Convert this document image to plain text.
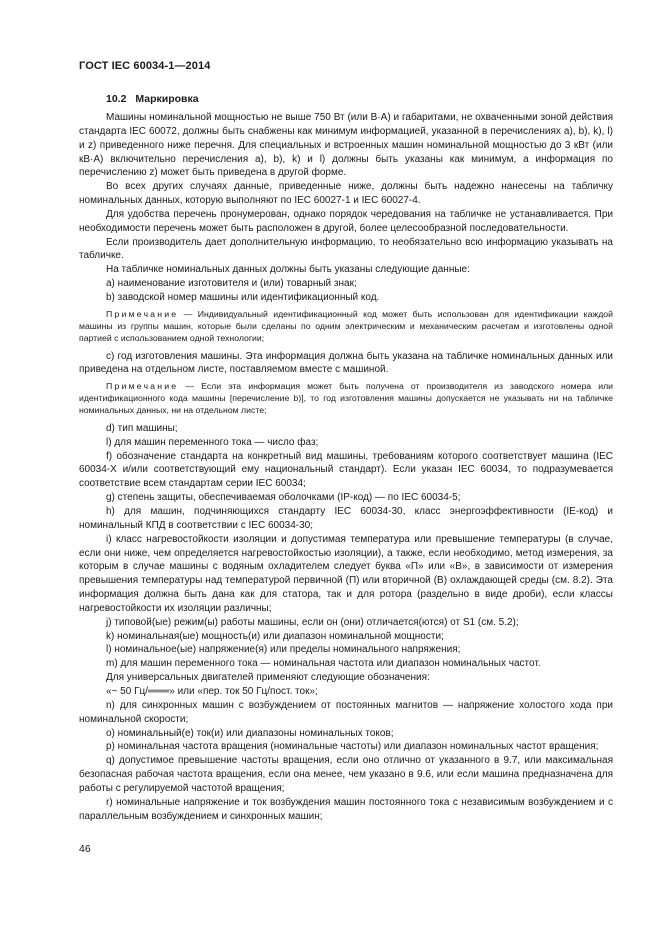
ГОСТ IEC 60034-1—2014
10.2 Маркировка

Машины номинальной мощностью не выше 750 Вт (или В·А) и габаритами, не охваченными зоной действия стандарта IEC 60072, должны быть снабжены как минимум информацией, указанной в перечислениях a), b), k), l) и z) приведенного ниже перечня. Для специальных и встроенных машин номинальной мощностью до 3 кВт (или кВ·А) включительно перечисления a), b), k) и l) должны быть указаны как минимум, а информация по перечислению z) может быть приведена в другой форме.

Во всех других случаях данные, приведенные ниже, должны быть надежно нанесены на табличку номинальных данных, которую выполняют по IEC 60027-1 и IEC 60027-4.

Для удобства перечень пронумерован, однако порядок чередования на табличке не устанавливается. При необходимости перечень может быть расположен в другой, более целесообразной последовательности.

Если производитель дает дополнительную информацию, то необязательно всю информацию указывать на табличке.

На табличке номинальных данных должны быть указаны следующие данные:

a) наименование изготовителя и (или) товарный знак;

b) заводской номер машины или идентификационный код.

Примечание — Индивидуальный идентификационный код может быть использован для идентификации каждой машины из группы машин, которые были сделаны по одним электрическим и механическим расчетам и изготовлены одной партией с использованием одной технологии;

c) год изготовления машины. Эта информация должна быть указана на табличке номинальных данных или приведена на отдельном листе, поставляемом вместе с машиной.

Примечание — Если эта информация может быть получена от производителя из заводского номера или идентификационного кода машины [перечисление b)], то год изготовления машины допускается не указывать ни на табличке номинальных данных, ни на отдельном листе;

d) тип машины;

l) для машин переменного тока — число фаз;

f) обозначение стандарта на конкретный вид машины, требованиям которого соответствует машина (IEC 60034-X и/или соответствующий ему национальный стандарт). Если указан IEC 60034, то подразумевается соответствие всем стандартам серии IEC 60034;

g) степень защиты, обеспечиваемая оболочками (IP-код) — по IEC 60034-5;

h) для машин, подчиняющихся стандарту IEC 60034-30, класс энергоэффективности (IE-код) и номинальный КПД в соответствии с IEC 60034-30;

i) класс нагревостойкости изоляции и допустимая температура или превышение температуры (в случае, если они ниже, чем определяется нагревостойкостью изоляции), а также, если необходимо, метод измерения, за которым в случае машины с водяным охладителем следует буква «П» или «В», в зависимости от измерения превышения температуры над температурой первичной (П) или вторичной (В) охлаждающей среды (см. 8.2). Эта информация должна быть дана как для статора, так и для ротора (раздельно в виде дроби), если классы нагревостойкости их изоляции различны;

j) типовой(ые) режим(ы) работы машины, если он (они) отличается(ются) от S1 (см. 5.2);

k) номинальная(ые) мощность(и) или диапазон номинальной мощности;

l) номинальное(ые) напряжение(я) или пределы номинального напряжения;

m) для машин переменного тока — номинальная частота или диапазон номинальных частот.

Для универсальных двигателей применяют следующие обозначения:

«~ 50 Гц/═══» или «пер. ток 50 Гц/пост. ток»;

n) для синхронных машин с возбуждением от постоянных магнитов — напряжение холостого хода при номинальной скорости;

o) номинальный(е) ток(и) или диапазоны номинальных токов;

p) номинальная частота вращения (номинальные частоты) или диапазон номинальных частот вращения;

q) допустимое превышение частоты вращения, если оно отлично от указанного в 9.7, или максимальная безопасная рабочая частота вращения, если она менее, чем указано в 9.6, или если машина предназначена для работы с регулируемой частотой вращения;

r) номинальные напряжение и ток возбуждения машин постоянного тока с независимым возбуждением и с параллельным возбуждением и синхронных машин;

46
